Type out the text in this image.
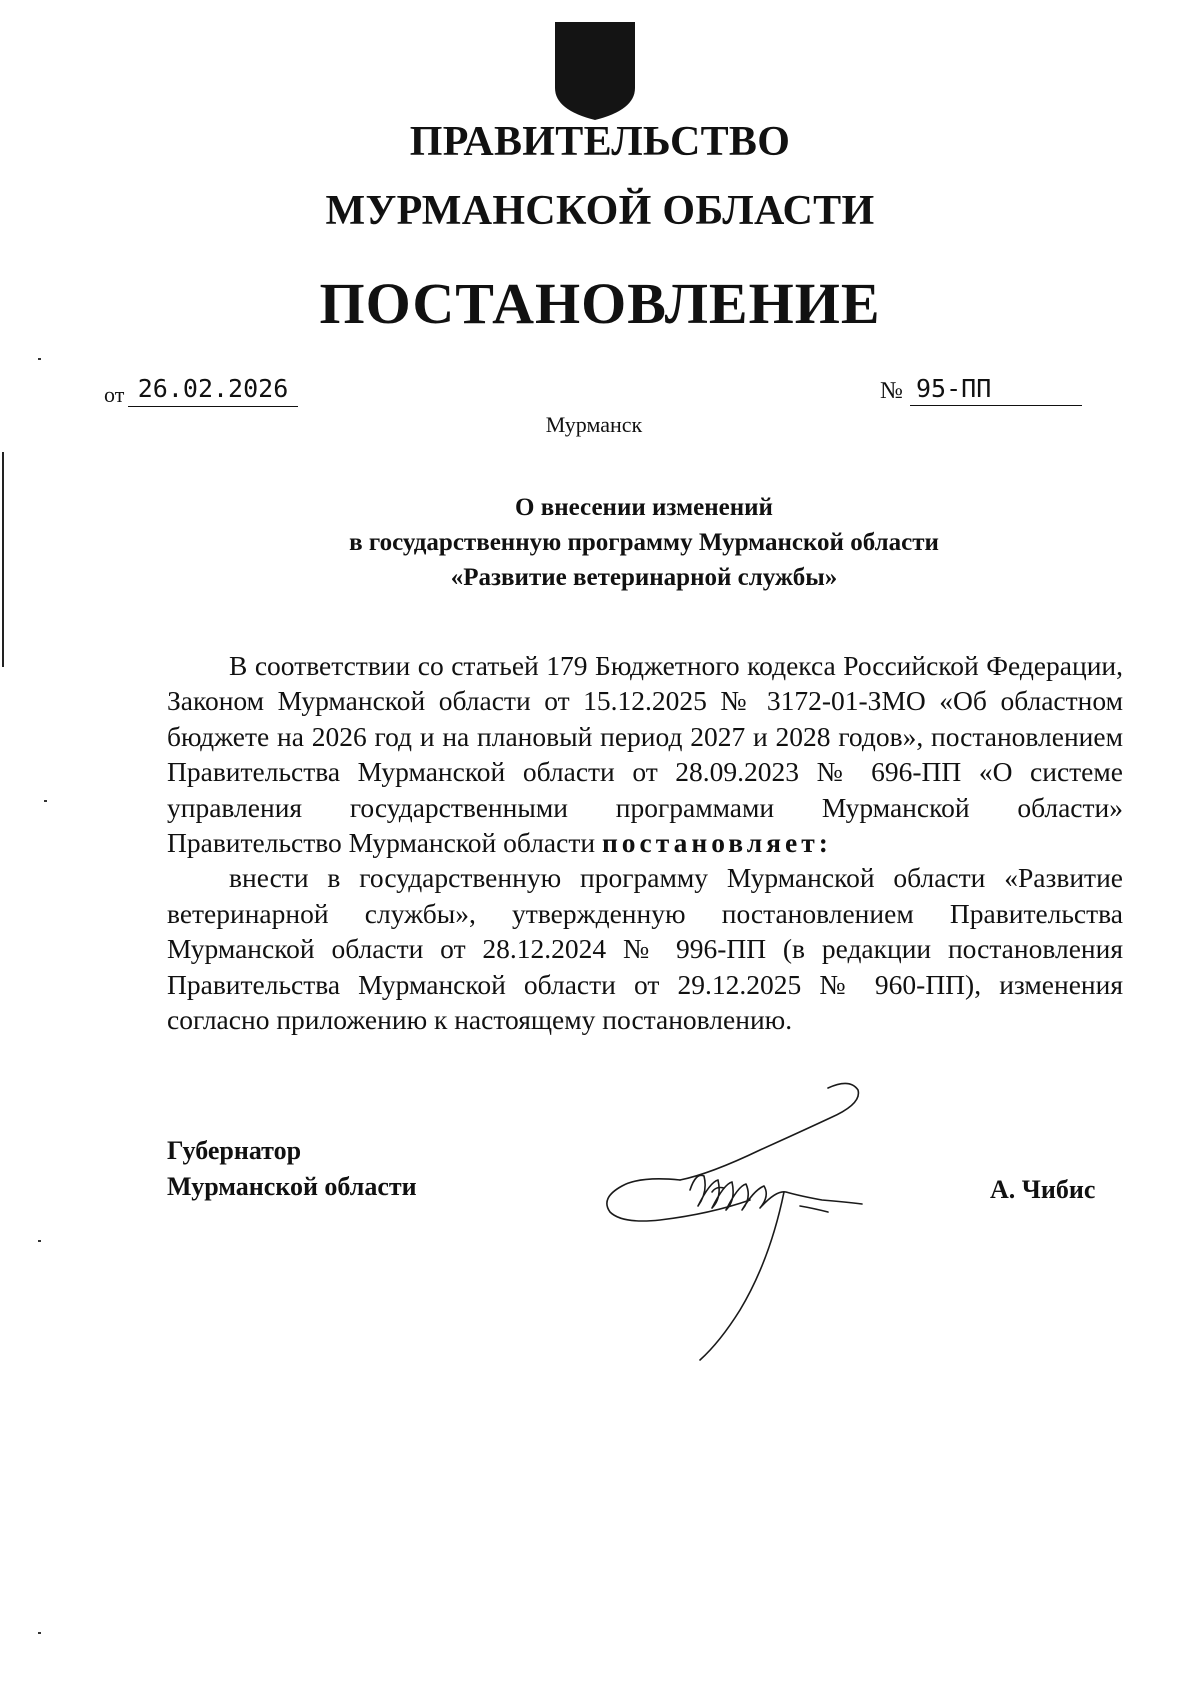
ПРАВИТЕЛЬСТВО
МУРМАНСКОЙ ОБЛАСТИ
ПОСТАНОВЛЕНИЕ
от 26.02.2026	№ 95-ПП
Мурманск
О внесении изменений
в государственную программу Мурманской области
«Развитие ветеринарной службы»

В соответствии со статьей 179 Бюджетного кодекса Российской Федерации, Законом Мурманской области от 15.12.2025 № 3172-01-ЗМО «Об областном бюджете на 2026 год и на плановый период 2027 и 2028 годов», постановлением Правительства Мурманской области от 28.09.2023 № 696-ПП «О системе управления государственными программами Мурманской области» Правительство Мурманской области постановляет:

внести в государственную программу Мурманской области «Развитие ветеринарной службы», утвержденную постановлением Правительства Мурманской области от 28.12.2024 № 996-ПП (в редакции постановления Правительства Мурманской области от 29.12.2025 № 960-ПП), изменения согласно приложению к настоящему постановлению.

Губернатор
Мурманской области	А. Чибис
